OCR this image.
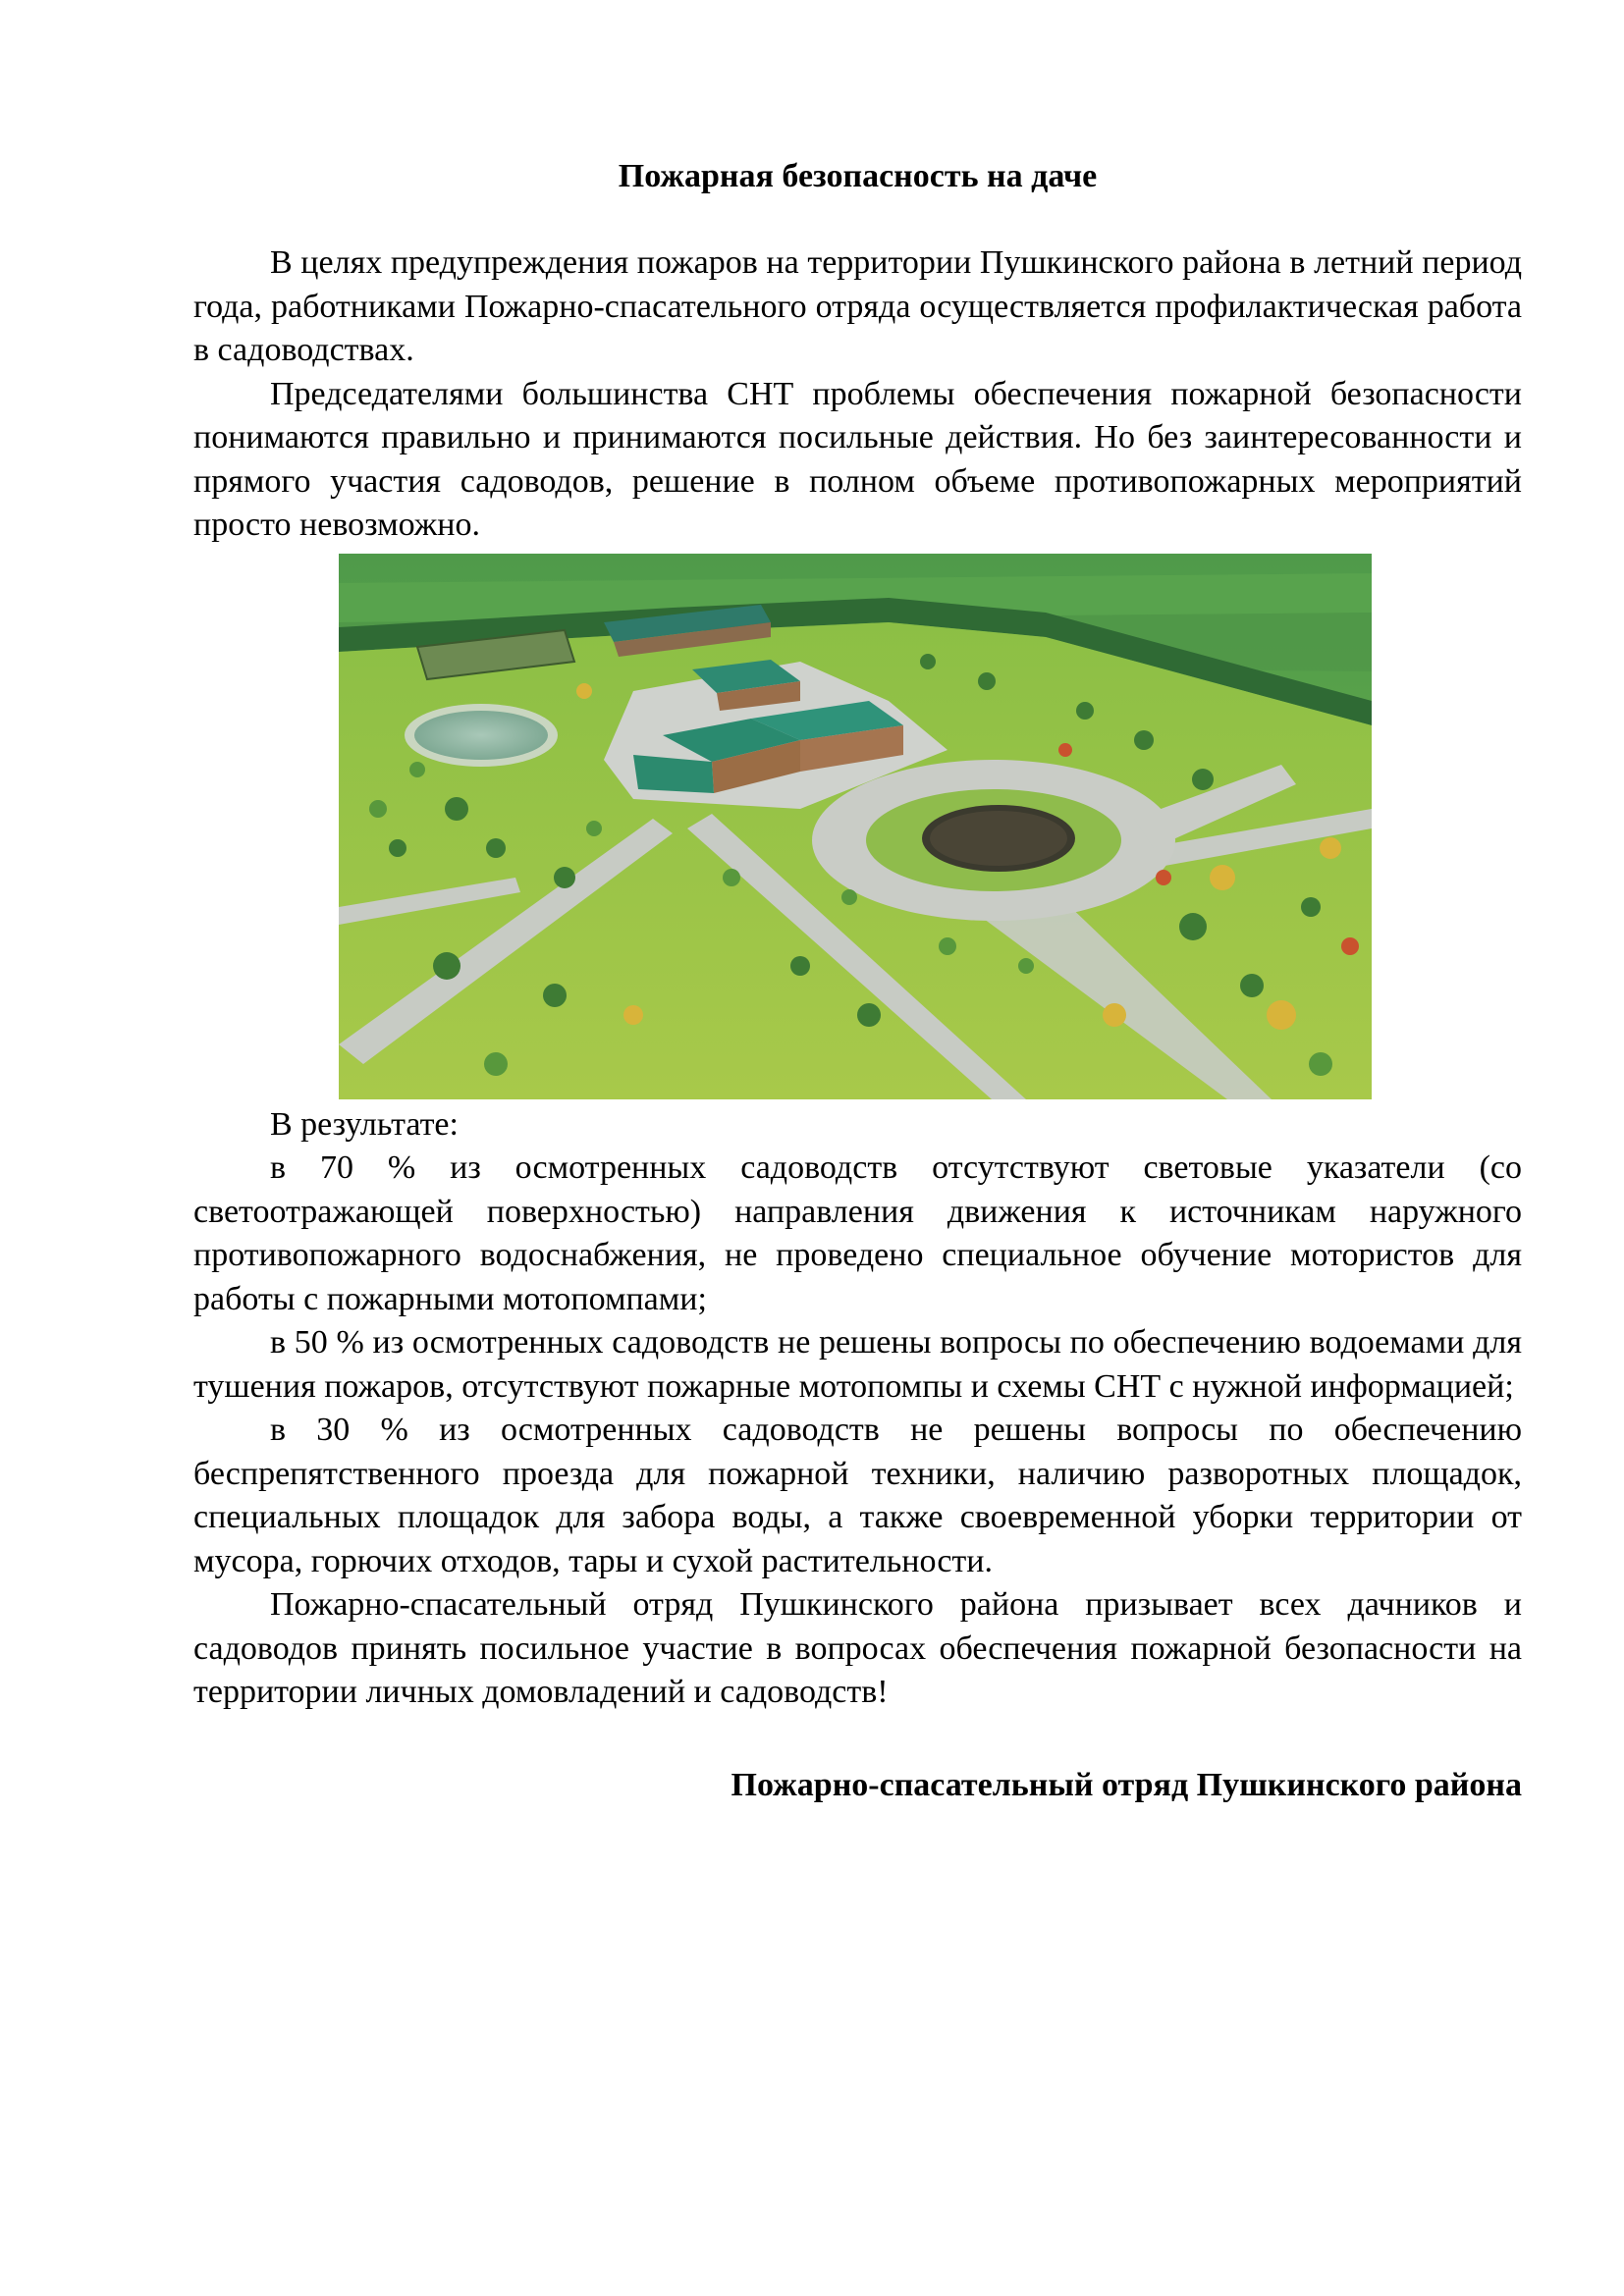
Пожарная безопасность на даче

В целях предупреждения пожаров на территории Пушкинского района в летний период года, работниками Пожарно-спасательного отряда осуществляется профилактическая работа в садоводствах.

Председателями большинства СНТ проблемы обеспечения пожарной безопасности понимаются правильно и принимаются посильные действия. Но без заинтересованности и прямого участия садоводов, решение в полном объеме противопожарных мероприятий просто невозможно.

В результате:

в 70 % из осмотренных садоводств отсутствуют световые указатели (со светоотражающей поверхностью) направления движения к источникам наружного противопожарного водоснабжения, не проведено специальное обучение мотористов для работы с пожарными мотопомпами;

в 50 % из осмотренных садоводств не решены вопросы по обеспечению водоемами для тушения пожаров, отсутствуют пожарные мотопомпы и схемы СНТ с нужной информацией;

в 30 % из осмотренных садоводств не решены вопросы по обеспечению беспрепятственного проезда для пожарной техники, наличию разворотных площадок, специальных площадок для забора воды, а также своевременной уборки территории от мусора, горючих отходов, тары и сухой растительности.

Пожарно-спасательный отряд Пушкинского района призывает всех дачников и садоводов принять посильное участие в вопросах обеспечения пожарной безопасности на территории личных домовладений и садоводств!

Пожарно-спасательный отряд Пушкинского района
